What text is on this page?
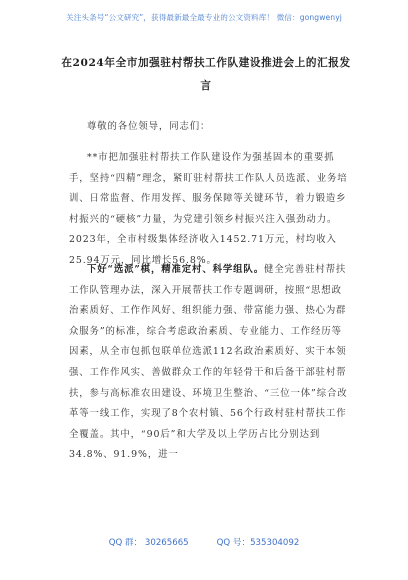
关注头条号“公文研究”，获得最新最全最专业的公文资料库！ 微信：gongwenyj
在2024年全市加强驻村帮扶工作队建设推进会上的汇报发言

尊敬的各位领导，同志们：

**市把加强驻村帮扶工作队建设作为强基固本的重要抓手，坚持“四精”理念，紧盯驻村帮扶工作队人员选派、业务培训、日常监督、作用发挥、服务保障等关键环节，着力锻造乡村振兴的“硬核”力量，为党建引领乡村振兴注入强劲动力。2023年，全市村级集体经济收入1452.71万元，村均收入25.94万元，同比增长56.8%。

下好“选派”棋，精准定村、科学组队。健全完善驻村帮扶工作队管理办法，深入开展帮扶工作专题调研，按照“思想政治素质好、工作作风好、组织能力强、带富能力强、热心为群众服务”的标准，综合考虑政治素质、专业能力、工作经历等因素，从全市包抓包联单位选派112名政治素质好、实干本领强、工作作风实、善做群众工作的年轻骨干和后备干部驻村帮扶，参与高标准农田建设、环境卫生整治、“三位一体”综合改革等一线工作，实现了8个农村镇、56个行政村驻村帮扶工作全覆盖。其中，“90后”和大学及以上学历占比分别达到34.8%、91.9%，进一

QQ 群： 30265665	QQ 号：535304092
